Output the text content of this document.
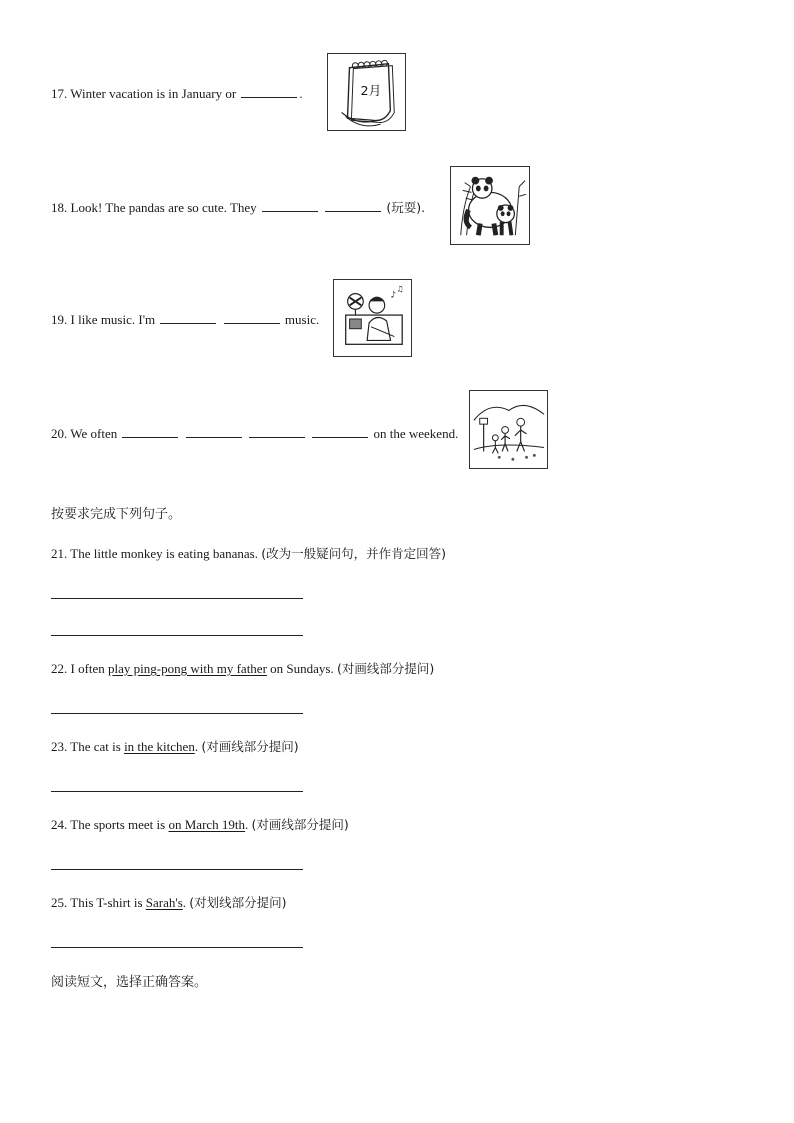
17. Winter vacation is in January or	.	2月
18. Look! The pandas are so cute. They	(玩耍).
19. I like music. I'm	music.
♪
♫
20. We often	on the weekend.
按要求完成下列句子。
21. The little monkey is eating bananas. (改为一般疑问句，并作肯定回答)
22. I often play ping-pong with my father on Sundays. (对画线部分提问)
23. The cat is in the kitchen. (对画线部分提问)
24. The sports meet is on March 19th. (对画线部分提问)
25. This T-shirt is Sarah's. (对划线部分提问)
阅读短文，选择正确答案。
